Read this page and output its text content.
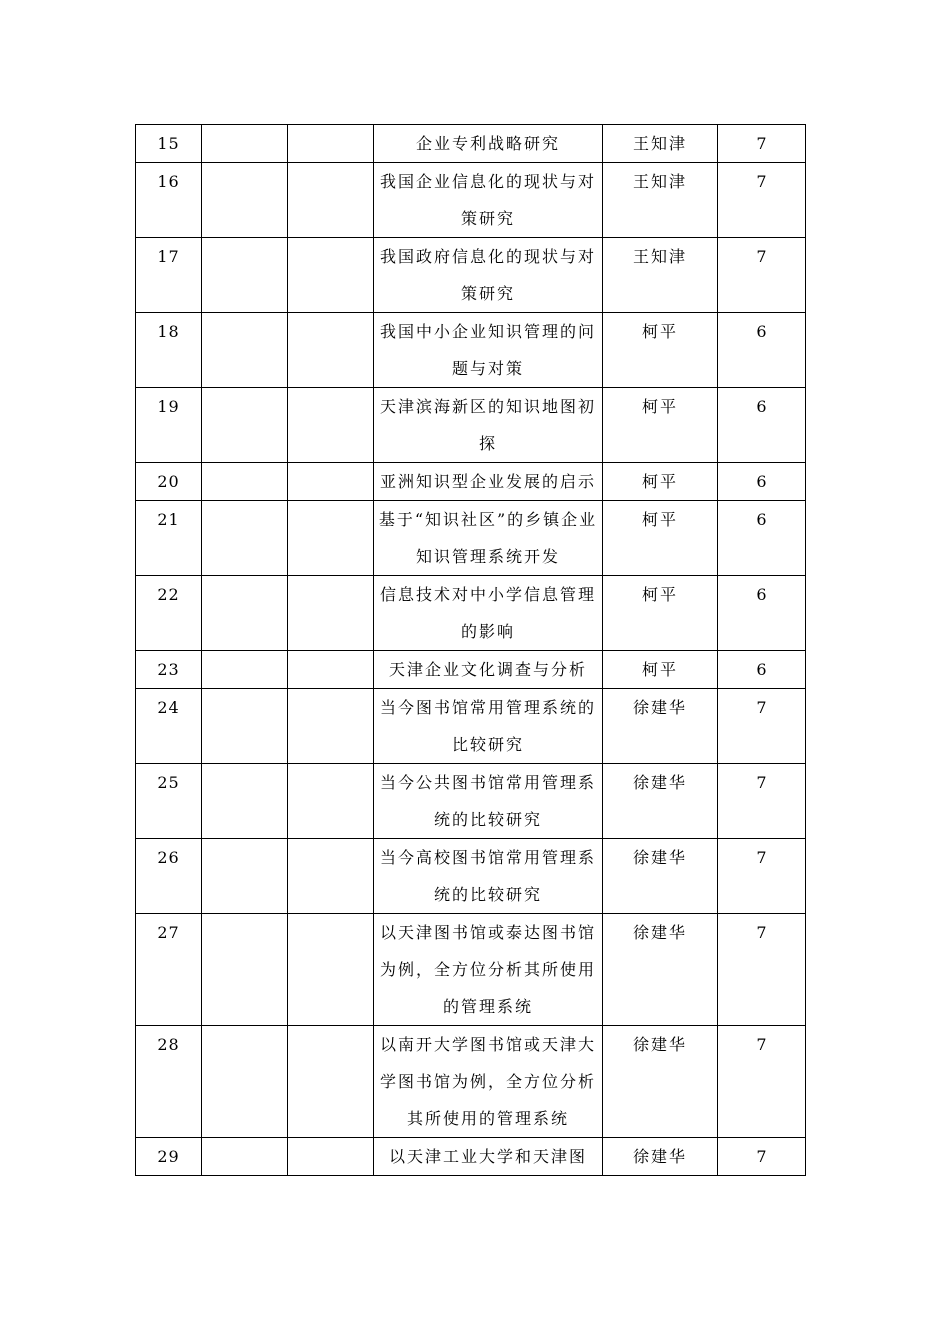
15			企业专利战略研究	王知津	7
16			我国企业信息化的现状与对策研究	王知津	7
17			我国政府信息化的现状与对策研究	王知津	7
18			我国中小企业知识管理的问题与对策	柯平	6
19			天津滨海新区的知识地图初探	柯平	6
20			亚洲知识型企业发展的启示	柯平	6
21			基于“知识社区”的乡镇企业知识管理系统开发	柯平	6
22			信息技术对中小学信息管理的影响	柯平	6
23			天津企业文化调查与分析	柯平	6
24			当今图书馆常用管理系统的比较研究	徐建华	7
25			当今公共图书馆常用管理系统的比较研究	徐建华	7
26			当今高校图书馆常用管理系统的比较研究	徐建华	7
27			以天津图书馆或泰达图书馆为例，全方位分析其所使用的管理系统	徐建华	7
28			以南开大学图书馆或天津大学图书馆为例，全方位分析其所使用的管理系统	徐建华	7
29			以天津工业大学和天津图	徐建华	7
